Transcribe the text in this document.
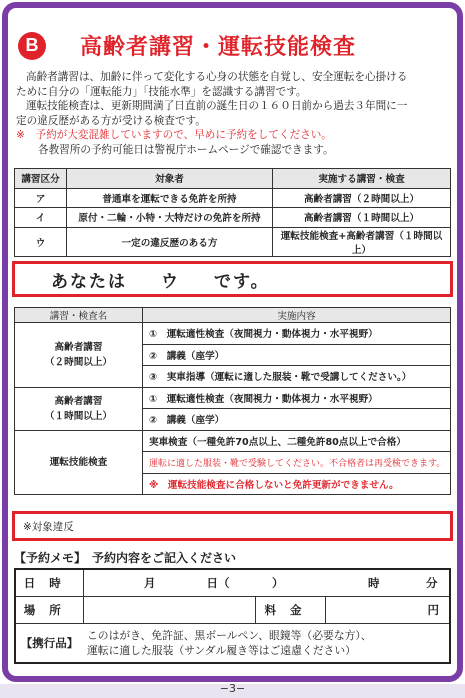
B	高齢者講習・運転技能検査

高齢者講習は、加齢に伴って変化する心身の状態を自覚し、安全運転を心掛ける

ために自分の「運転能力」「技能水準」を認識する講習です。

運転技能検査は、更新期間満了日直前の誕生日の１６０日前から過去３年間に一

定の違反歴がある方が受ける検査です。

※　予約が大変混雑していますので、早めに予約をしてください。

各教習所の予約可能日は警視庁ホームページで確認できます。

講習区分	対象者	実施する講習・検査
ア	普通車を運転できる免許を所持	高齢者講習（２時間以上）
イ	原付・二輪・小特・大特だけの免許を所持	高齢者講習（１時間以上）
ウ	一定の違反歴のある方	運転技能検査+高齢者講習（１時間以上）
あなたは ウ です。
講習・検査名	実施内容

高齢者講習
（２時間以上）	①　運転適性検査（夜間視力・動体視力・水平視野）
	②　講義（座学）
	③　実車指導（運転に適した服装・靴で受講してください。）

高齢者講習
（１時間以上）	①　運転適性検査（夜間視力・動体視力・水平視野）
	②　講義（座学）

運転技能検査	実車検査（一種免許70点以上、二種免許80点以上で合格）
	運転に適した服装・靴で受験してください。不合格者は再受検できます。
	※　運転技能検査に合格しないと免許更新ができません。
※対象違反
【予約メモ】　予約内容をご記入ください
日時	月 日（ ） 時 分		

場所		料金	円
【携行品】	このはがき、免許証、黒ボールペン、眼鏡等（必要な方）、
運転に適した服装（サンダル履き等はご遠慮ください）		
−3−
